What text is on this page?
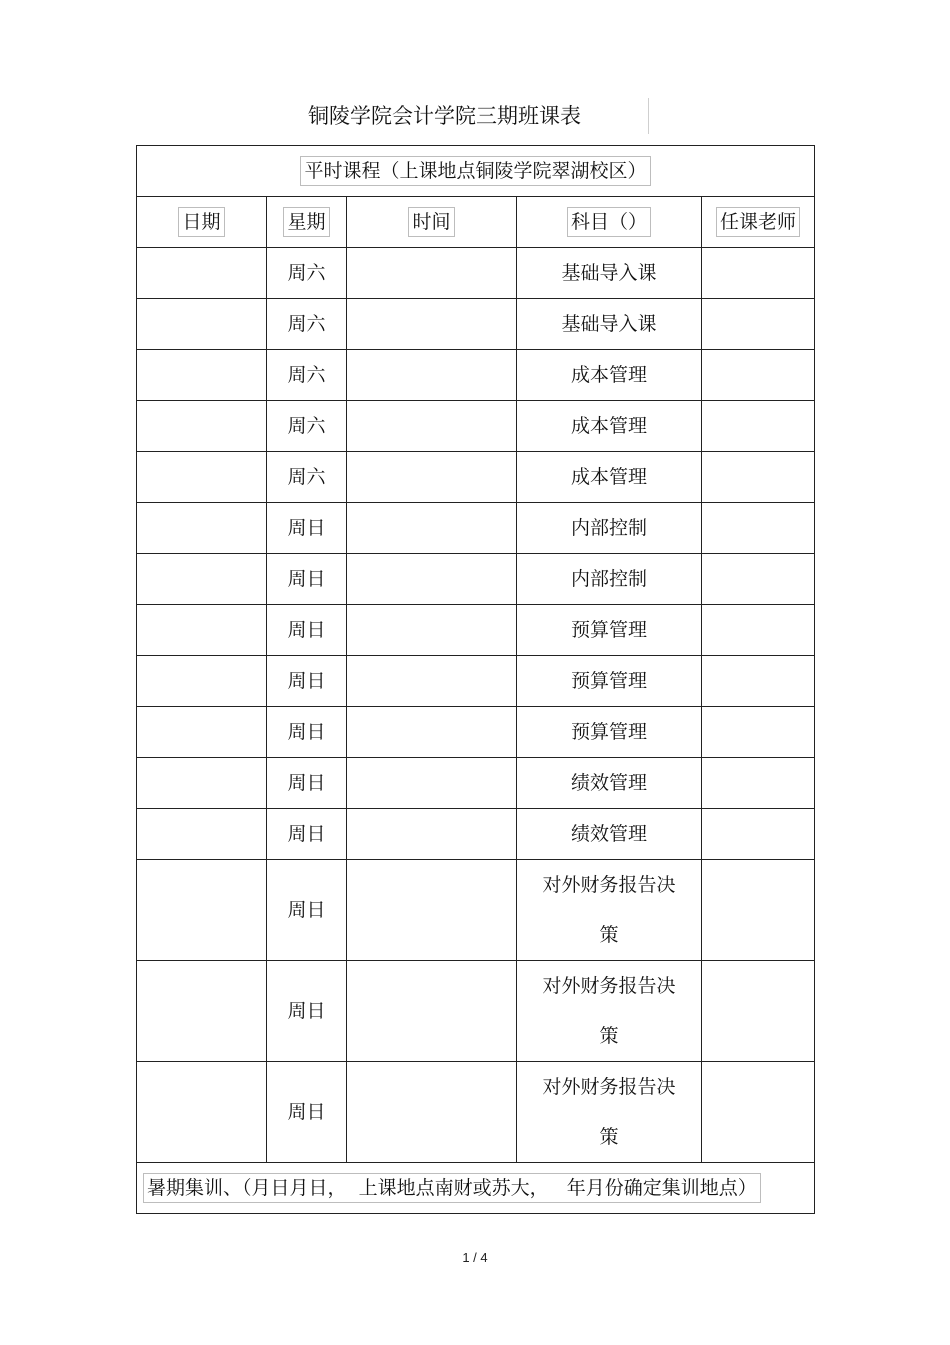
铜陵学院会计学院三期班课表
平时课程（上课地点铜陵学院翠湖校区）				
日期	星期	时间	科目（）	任课老师
	周六		基础导入课	

	周六		基础导入课	

	周六		成本管理	

	周六		成本管理	

	周六		成本管理	

	周日		内部控制	

	周日		内部控制	

	周日		预算管理	

	周日		预算管理	

	周日		预算管理	

	周日		绩效管理	

	周日		绩效管理	

	周日		对外财务报告决
策	

	周日		对外财务报告决
策	

	周日		对外财务报告决
策	

暑期集训、（月日月日，  上课地点南财或苏大，   年月份确定集训地点）				
1 / 4
